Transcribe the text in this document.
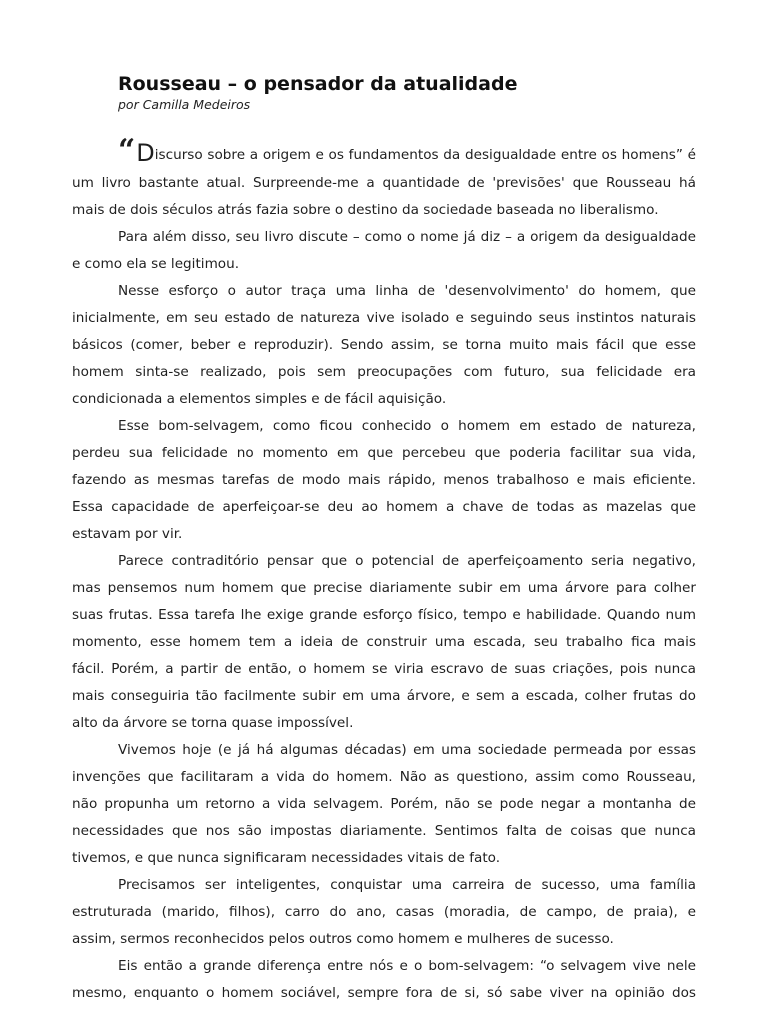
Rousseau – o pensador da atualidade

por Camilla Medeiros

“Discurso sobre a origem e os fundamentos da desigualdade entre os homens” é
um livro bastante atual. Surpreende-me a quantidade de 'previsões' que Rousseau há
mais de dois séculos atrás fazia sobre o destino da sociedade baseada no liberalismo.
Para além disso, seu livro discute – como o nome já diz – a origem da desigualdade
e como ela se legitimou.
Nesse esforço o autor traça uma linha de 'desenvolvimento' do homem, que
inicialmente, em seu estado de natureza vive isolado e seguindo seus instintos naturais
básicos (comer, beber e reproduzir). Sendo assim, se torna muito mais fácil que esse
homem sinta-se realizado, pois sem preocupações com futuro, sua felicidade era
condicionada a elementos simples e de fácil aquisição.
Esse bom-selvagem, como ficou conhecido o homem em estado de natureza,
perdeu sua felicidade no momento em que percebeu que poderia facilitar sua vida,
fazendo as mesmas tarefas de modo mais rápido, menos trabalhoso e mais eficiente.
Essa capacidade de aperfeiçoar-se deu ao homem a chave de todas as mazelas que
estavam por vir.
Parece contraditório pensar que o potencial de aperfeiçoamento seria negativo,
mas pensemos num homem que precise diariamente subir em uma árvore para colher
suas frutas. Essa tarefa lhe exige grande esforço físico, tempo e habilidade. Quando num
momento, esse homem tem a ideia de construir uma escada, seu trabalho fica mais
fácil. Porém, a partir de então, o homem se viria escravo de suas criações, pois nunca
mais conseguiria tão facilmente subir em uma árvore, e sem a escada, colher frutas do
alto da árvore se torna quase impossível.
Vivemos hoje (e já há algumas décadas) em uma sociedade permeada por essas
invenções que facilitaram a vida do homem. Não as questiono, assim como Rousseau,
não propunha um retorno a vida selvagem. Porém, não se pode negar a montanha de
necessidades que nos são impostas diariamente. Sentimos falta de coisas que nunca
tivemos, e que nunca significaram necessidades vitais de fato.
Precisamos ser inteligentes, conquistar uma carreira de sucesso, uma família
estruturada (marido, filhos), carro do ano, casas (moradia, de campo, de praia), e
assim, sermos reconhecidos pelos outros como homem e mulheres de sucesso.
Eis então a grande diferença entre nós e o bom-selvagem: “o selvagem vive nele
mesmo, enquanto o homem sociável, sempre fora de si, só sabe viver na opinião dos
